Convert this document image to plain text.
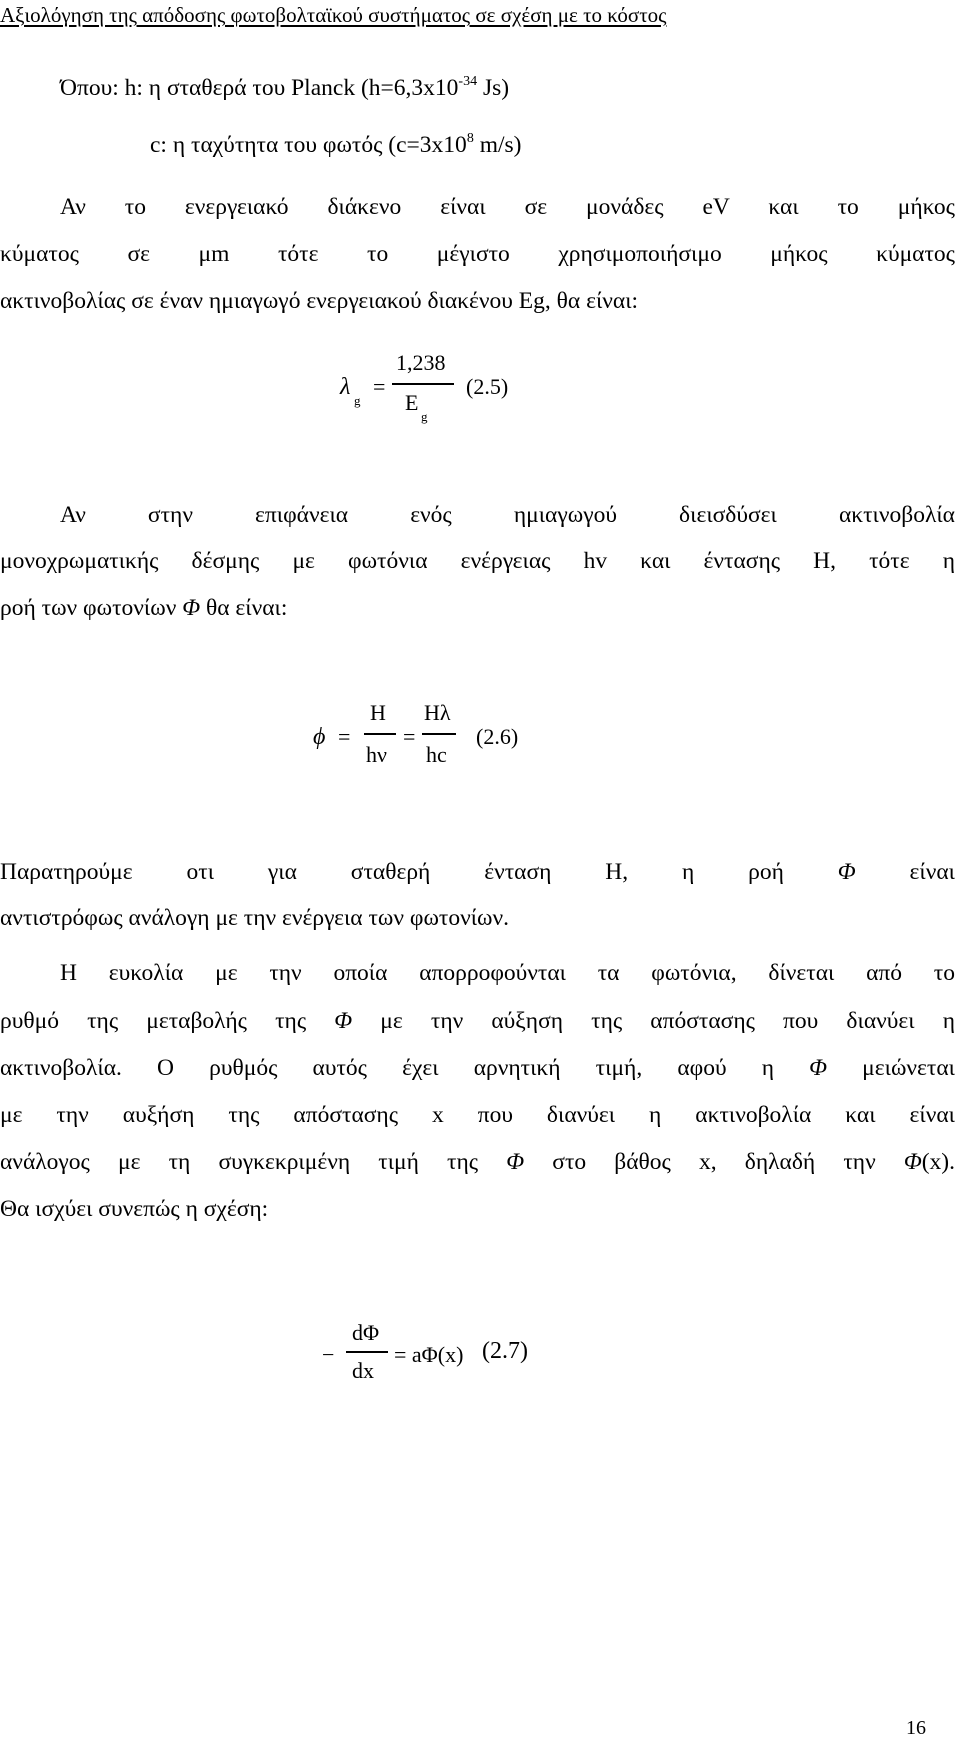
Αξιολόγηση της απόδοσης φωτοβολταϊκού συστήματος σε σχέση με το κόστος
Όπου: h: η σταθερά του Planck ($h=6,3x10^{-34}$ Js)
c: η ταχύτητα του φωτός ($c=3x10^8$ m/s)
Αν το ενεργειακό διάκενο είναι σε μονάδες eV και το μήκος
κύματος σε μm τότε το μέγιστο χρησιμοποιήσιμο μήκος κύματος
ακτινοβολίας σε έναν ημιαγωγό ενεργειακού διακένου Eg, θα είναι:
λ
g
=
1,238
E
g
(2.5)
Αν στην επιφάνεια ενός ημιαγωγού διεισδύσει ακτινοβολία
μονοχρωματικής δέσμης με φωτόνια ενέργειας hv και έντασης H, τότε η
ροή των φωτονίων Φ θα είναι:
ϕ =
H
hν
=
Hλ
hc
(2.6)
Παρατηρούμε οτι για σταθερή ένταση H, η ροή Φ είναι
αντιστρόφως ανάλογη με την ενέργεια των φωτονίων.
Η ευκολία με την οποία απορροφούνται τα φωτόνια, δίνεται από το
ρυθμό της μεταβολής της Φ με την αύξηση της απόστασης που διανύει η
ακτινοβολία. Ο ρυθμός αυτός έχει αρνητική τιμή, αφού η Φ μειώνεται
με την αυξήση της απόστασης x που διανύει η ακτινοβολία και είναι
ανάλογος με τη συγκεκριμένη τιμή της Φ στο βάθος x, δηλαδή την Φ(x).
Θα ισχύει συνεπώς η σχέση:
−
dΦ
dx
= aΦ(x) (2.7)
16
